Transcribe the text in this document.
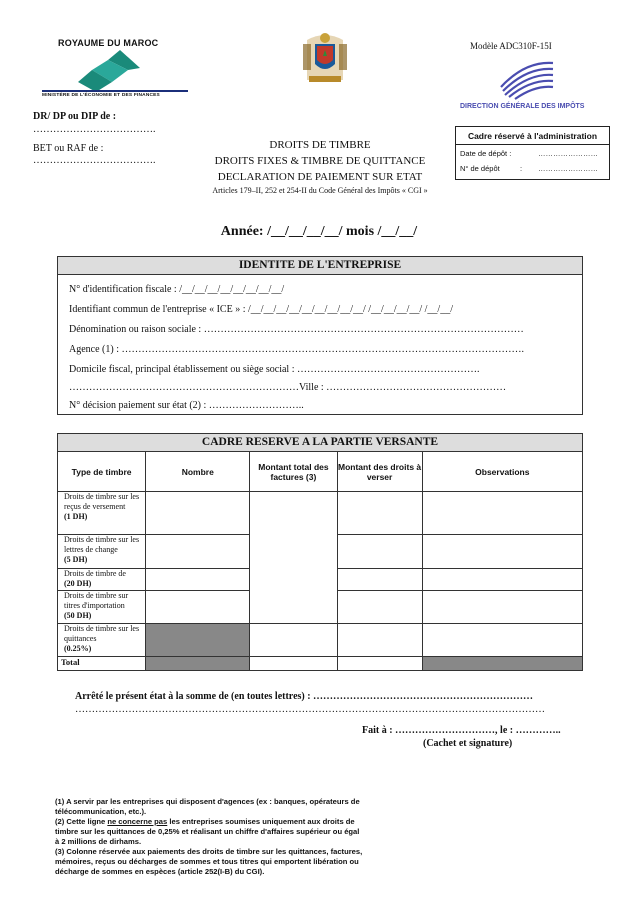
ROYAUME DU MAROC
MINISTÈRE DE L'ÉCONOMIE ET DES FINANCES
Modèle ADC310F-15I
DIRECTION GÉNÉRALE DES IMPÔTS
DR/ DP ou DIP de :
……………………………….
BET ou RAF de :
……………………………….
DROITS DE TIMBRE
DROITS FIXES & TIMBRE DE QUITTANCE
DECLARATION DE PAIEMENT SUR ETAT
Articles 179–II, 252 et 254-II du Code Général des Impôts « CGI »
Cadre réservé à l'administration
Date de dépôt :	……………………
N° de dépôt	: ……………………
Année: /__/__/__/__/ mois /__/__/
IDENTITE DE L'ENTREPRISE
N° d'identification fiscale : /__/__/__/__/__/__/__/__/
Identifiant commun de l'entreprise « ICE » : /__/__/__/__/__/__/__/__/__/ /__/__/__/__/ /__/__/
Dénomination ou raison sociale : ……………………………………………………………………………………
Agence (1) : ………………………………………………………………………………………………………….
Domicile fiscal, principal établissement ou siège social : ……………………………………………….
……………………………………………………………Ville : ………………………………………………
N° décision paiement sur état (2) : ………………………..
CADRE RESERVE A LA PARTIE VERSANTE
Type de timbre	Nombre	Montant total des factures (3)	Montant des droits à verser	Observations
Droits de timbre sur les reçus de versement
(1 DH)				
Droits de timbre sur les lettres de change
(5 DH)				
Droits de timbre de
(20 DH)				
Droits de timbre sur titres d'importation
(50 DH)				
Droits de timbre sur les quittances
(0.25%)				
Total				
Arrêté le présent état à la somme de (en toutes lettres) : …………………………………………………………
……………………………………………………………………………………………………………………………
Fait à : …………………………, le : …………..
(Cachet et signature)

(1) A servir par les entreprises qui disposent d'agences (ex : banques, opérateurs de télécommunication, etc.).

(2) Cette ligne ne concerne pas les entreprises soumises uniquement aux droits de timbre sur les quittances de 0,25% et réalisant un chiffre d'affaires supérieur ou égal à 2 millions de dirhams.

(3) Colonne réservée aux paiements des droits de timbre sur les quittances, factures, mémoires, reçus ou décharges de sommes et tous titres qui emportent libération ou décharge de sommes en espèces (article 252(I-B) du CGI).
